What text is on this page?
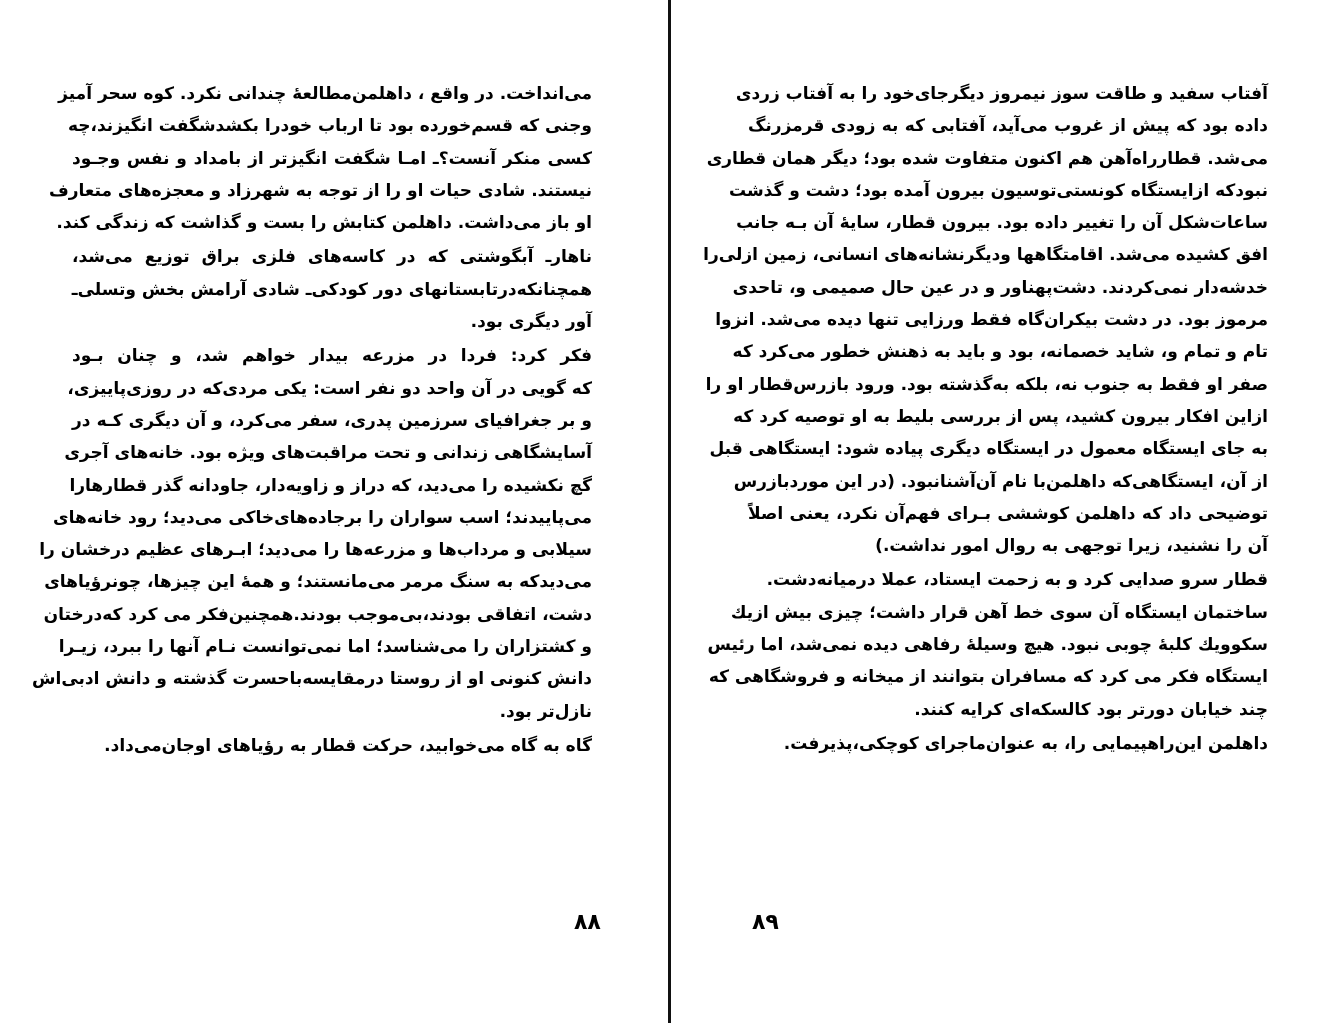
می‌انداخت. در واقع ، داهلمن‌مطالعهٔ چندانی نکرد. کوه سحر آمیز
وجنی که قسم‌خورده بود تا ارباب خودرا بکشد‌شگفت انگیزند‌،چه
کسی منکر آنست؟ـ امـا شگفت انگیزتر از بامداد و نفس وجـود
نیستند. شادی حیات او را از توجه به شهرزاد و معجزه‌های متعارف
او باز می‌داشت. داهلمن کتابش را بست و گذاشت که زندگی کند.
ناهارـ آبگوشتی که در کاسه‌های فلزی براق توزیع می‌شد،
همچنانکه‌درتابستانهای دور کودکی‌ـ شادی آرامش بخش وتسلی‌ـ
آور دیگری بود.
فکر کرد: فردا در مزرعه بیدار خواهم شد، و چنان بـود
که گویی در آن واحد دو نفر است: یکی مردی‌که در روزی‌پاییزی،
و بر جغرافیای سرزمین پدری، سفر می‌کرد، و آن دیگری کـه در
آسایشگاهی زندانی و تحت مراقبت‌های ویژه بود. خانه‌های آجری
گچ نکشیده را می‌دید، که دراز و زاویه‌دار، جاودانه گذر قطارهارا
می‌پاییدند؛ اسب سواران را برجاده‌های‌خاکی می‌دید؛ رود خانه‌های
سیلابی و مرداب‌ها و مزرعه‌ها را می‌دید؛ ابـرهای عظیم درخشان را
می‌دیدکه به سنگ مرمر می‌مانستند؛ و همهٔ این چیزها، چونرؤیاهای
دشت، اتفاقی بودند،بی‌موجب بودند.همچنین‌فکر می کرد که‌درختان
و کشتزاران را می‌شناسد؛ اما نمی‌توانست نـام آنها را ببرد، زیـرا
دانش کنونی او از روستا درمقایسه‌باحسرت گذشته و دانش ادبی‌اش
نازل‌تر بود.
گاه به گاه می‌خوابید، حرکت قطار به رؤیاهای اوجان‌می‌داد.
آفتاب سفید و طاقت سوز نیمروز دیگرجای‌خود را به آفتاب زردی
داده بود که پیش از غروب می‌آید، آفتابی که به زودی قرمزرنگ
می‌شد. قطارراه‌آهن هم اکنون متفاوت شده بود؛ دیگر همان قطاری
نبودکه ازایستگاه کونستی‌توسیون بیرون آمده بود؛ دشت و گذشت
ساعات‌شکل آن را تغییر داده بود. بیرون قطار، سایهٔ آن بـه جانب
افق کشیده می‌شد. اقامتگاهها ودیگرنشانه‌های انسانی، زمین ازلی‌را
خدشه‌دار نمی‌کردند. دشت‌پهناور و در عین حال صمیمی و، تاحدی
مرموز بود. در دشت بیکران‌گاه فقط ورزایی تنها دیده می‌شد. انزوا
تام و تمام و، شاید خصمانه، بود و باید به ذهنش خطور می‌کرد که
صفر او فقط به جنوب نه، بلکه به‌گذشته بود. ورود بازرس‌قطار او را
ازاین افکار بیرون کشید، پس از بررسی بلیط به او توصیه کرد که
به جای ایستگاه معمول در ایستگاه دیگری پیاده شود: ایستگاهی قبل
از آن، ایستگاهی‌که داهلمن‌با نام آن‌آشنانبود. (در این موردبازرس
توضیحی داد که داهلمن کوششی بـرای فهم‌آن نکرد، یعنی اصلاً
آن را نشنید، زیرا توجهی به روال امور نداشت.)
قطار سرو صدایی کرد و به زحمت ایستاد، عملا درمیانه‌دشت.
ساختمان ایستگاه آن سوی خط آهن قرار داشت؛ چیزی بیش ازیك
سکوویك کلبهٔ چوبی نبود. هیچ وسیلهٔ رفاهی دیده نمی‌شد، اما رئیس
ایستگاه فکر می کرد که مسافران بتوانند از میخانه و فروشگاهی که
چند خیابان دورتر بود کالسکه‌ای کرایه کنند.
داهلمن این‌راهپیمایی را، به عنوان‌ماجرای کوچکی،پذیرفت.
۸۸	۸۹
